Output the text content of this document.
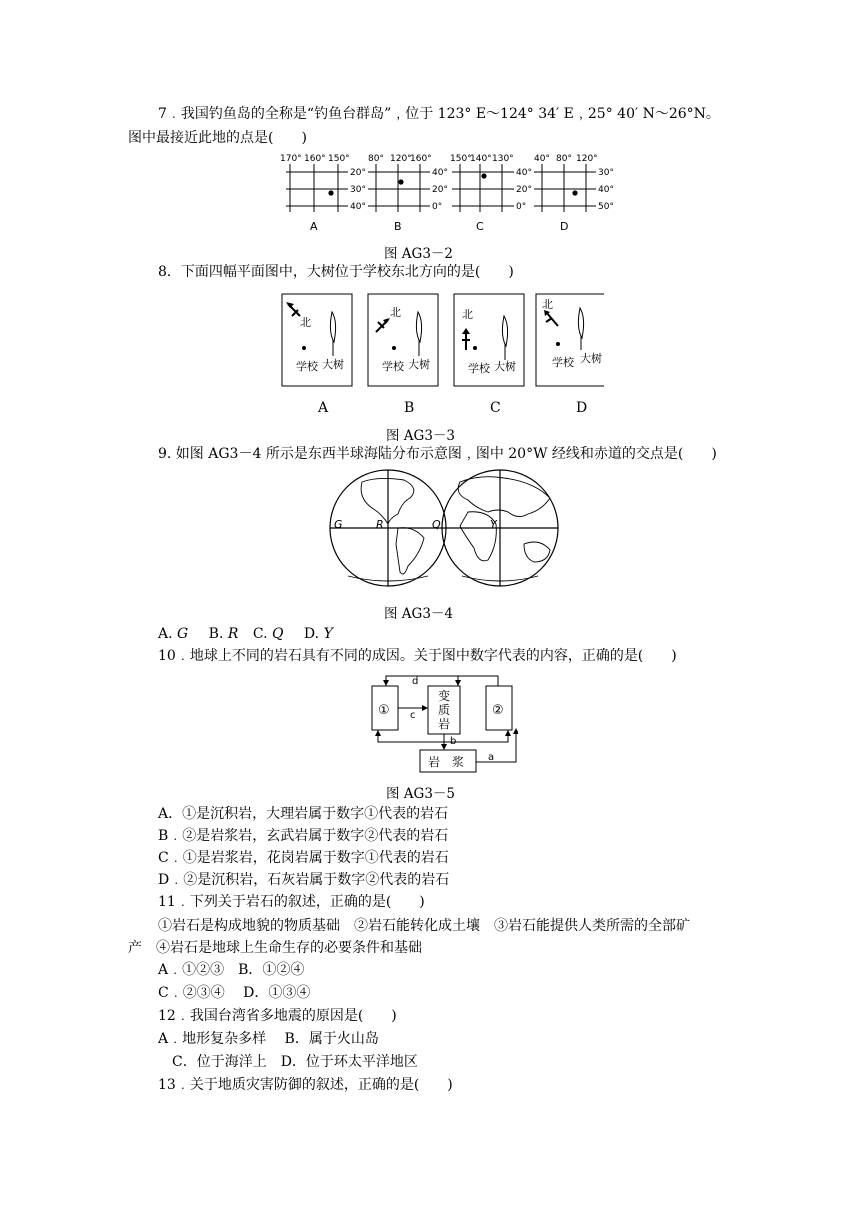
7﹒我国钓鱼岛的全称是“钓鱼台群岛”﹐位于 123° E～124° 34′ E﹐25° 40′ N～26°N。
图中最接近此地的点是(　　)
170° 160° 150°
20°
30°
40°
A
80° 120°
160°
40°
20°
0°
B
150°
140° 130°
40°
20°
0°
C
40° 80° 120°
30°
40°
50°
D
图 AG3－2
8．下面四幅平面图中，大树位于学校东北方向的是(　　)
北
学校 大树
北
学校 大树
北
学校 大树
北
学校 大树
A	B	C	D
图 AG3－3
9. 如图 AG3－4 所示是东西半球海陆分布示意图﹐图中 20°W 经线和赤道的交点是(　　)
G	R	Q	Y
图 AG3－4
A. G B. R C. Q D. Y
10﹒地球上不同的岩石具有不同的成因。关于图中数字代表的内容，正确的是(　　)
①	②
变
质
岩
岩　浆 a
b
c
d
图 AG3－5
A．①是沉积岩，大理岩属于数字①代表的岩石
B﹒②是岩浆岩，玄武岩属于数字②代表的岩石
C﹒①是岩浆岩，花岗岩属于数字①代表的岩石
D﹒②是沉积岩，石灰岩属于数字②代表的岩石
11﹒下列关于岩石的叙述，正确的是(　　)
①岩石是构成地貌的物质基础　②岩石能转化成土壤　③岩石能提供人类所需的全部矿
产　④岩石是地球上生命生存的必要条件和基础
A﹒①②③　B．①②④
C﹒②③④　 D．①③④
12﹒我国台湾省多地震的原因是(　　)
A﹒地形复杂多样　 B．属于火山岛
C．位于海洋上　D．位于环太平洋地区
13﹒关于地质灾害防御的叙述，正确的是(　　)
